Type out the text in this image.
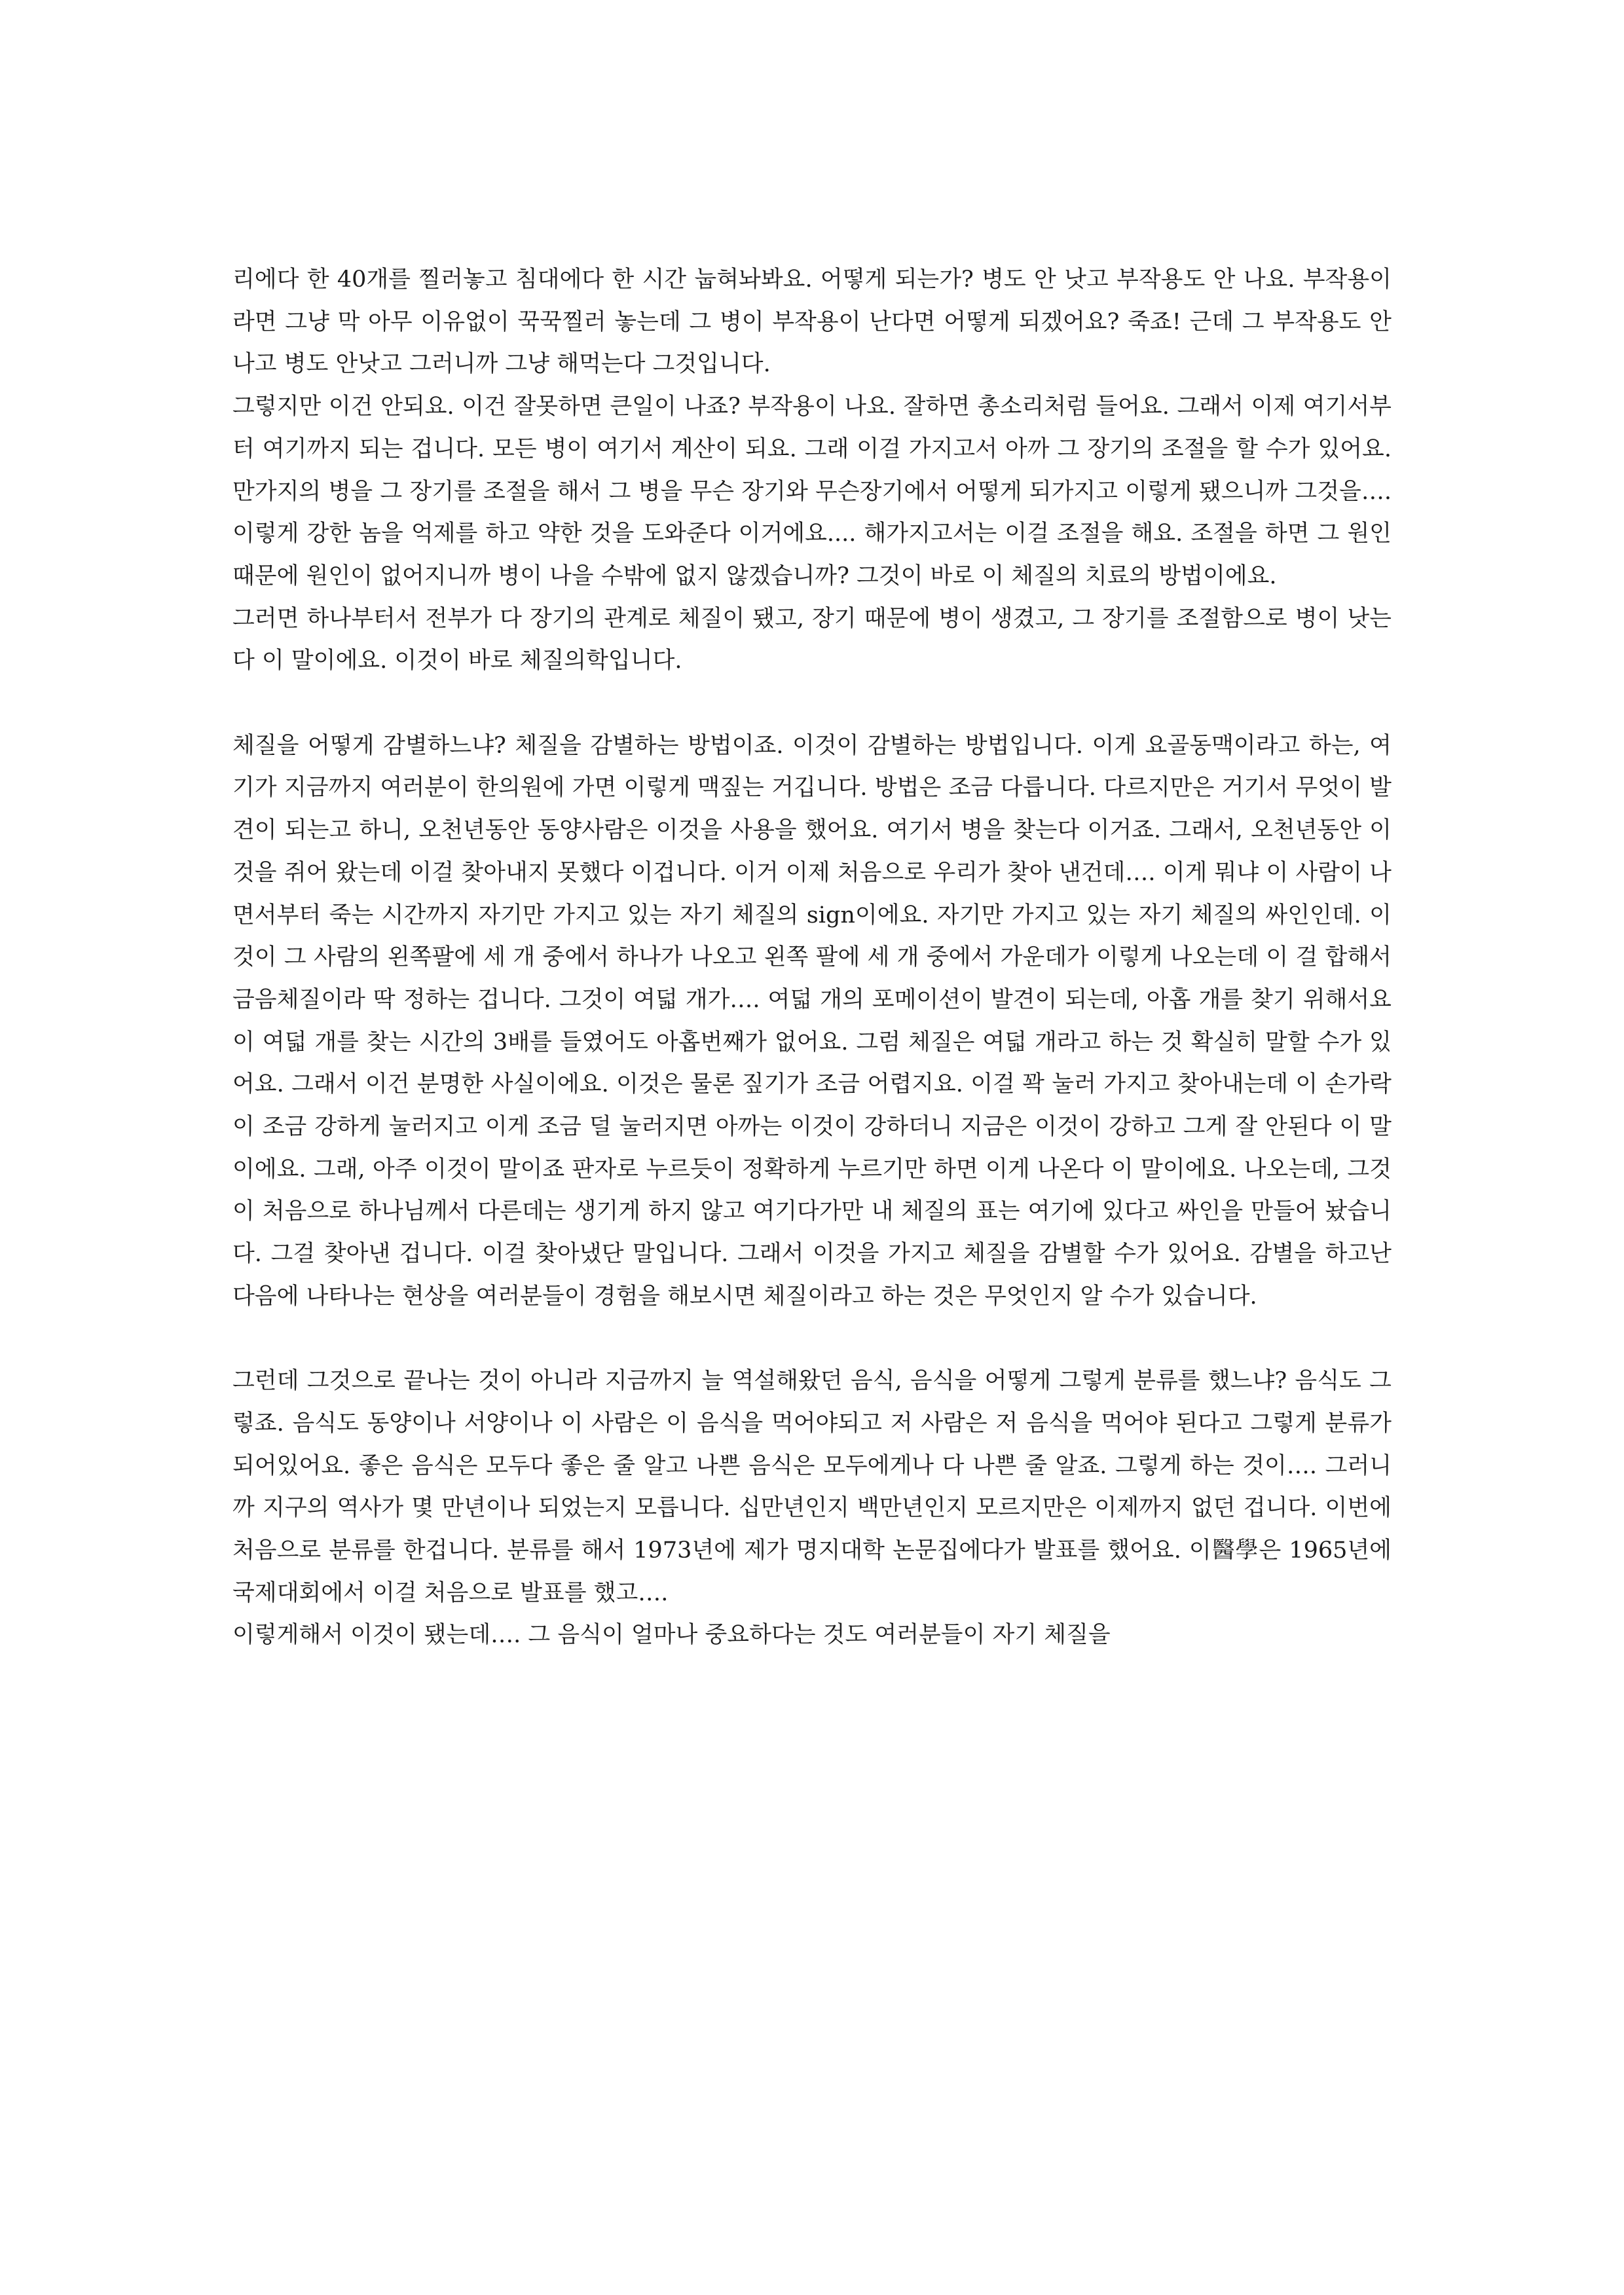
리에다 한 40개를 찔러놓고 침대에다 한 시간 눕혀놔봐요. 어떻게 되는가? 병도 안 낫고 부작용도 안 나요. 부작용이라면 그냥 막 아무 이유없이 꾹꾹찔러 놓는데 그 병이 부작용이 난다면 어떻게 되겠어요? 죽죠! 근데 그 부작용도 안나고 병도 안낫고 그러니까 그냥 해먹는다 그것입니다.

그렇지만 이건 안되요. 이건 잘못하면 큰일이 나죠? 부작용이 나요. 잘하면 총소리처럼 들어요. 그래서 이제 여기서부터 여기까지 되는 겁니다. 모든 병이 여기서 계산이 되요. 그래 이걸 가지고서 아까 그 장기의 조절을 할 수가 있어요. 만가지의 병을 그 장기를 조절을 해서 그 병을 무슨 장기와 무슨장기에서 어떻게 되가지고 이렇게 됐으니까 그것을…. 이렇게 강한 놈을 억제를 하고 약한 것을 도와준다 이거에요.... 해가지고서는 이걸 조절을 해요. 조절을 하면 그 원인 때문에 원인이 없어지니까 병이 나을 수밖에 없지 않겠습니까? 그것이 바로 이 체질의 치료의 방법이에요.

그러면 하나부터서 전부가 다 장기의 관계로 체질이 됐고, 장기 때문에 병이 생겼고, 그 장기를 조절함으로 병이 낫는다 이 말이에요. 이것이 바로 체질의학입니다.

체질을 어떻게 감별하느냐? 체질을 감별하는 방법이죠. 이것이 감별하는 방법입니다. 이게 요골동맥이라고 하는, 여기가 지금까지 여러분이 한의원에 가면 이렇게 맥짚는 거깁니다. 방법은 조금 다릅니다. 다르지만은 거기서 무엇이 발견이 되는고 하니, 오천년동안 동양사람은 이것을 사용을 했어요. 여기서 병을 찾는다 이거죠. 그래서, 오천년동안 이것을 쥐어 왔는데 이걸 찾아내지 못했다 이겁니다. 이거 이제 처음으로 우리가 찾아 낸건데…. 이게 뭐냐 이 사람이 나면서부터 죽는 시간까지 자기만 가지고 있는 자기 체질의 sign이에요. 자기만 가지고 있는 자기 체질의 싸인인데. 이것이 그 사람의 왼쪽팔에 세 개 중에서 하나가 나오고 왼쪽 팔에 세 개 중에서 가운데가 이렇게 나오는데 이 걸 합해서 금음체질이라 딱 정하는 겁니다. 그것이 여덟 개가…. 여덟 개의 포메이션이 발견이 되는데, 아홉 개를 찾기 위해서요 이 여덟 개를 찾는 시간의 3배를 들였어도 아홉번째가 없어요. 그럼 체질은 여덟 개라고 하는 것 확실히 말할 수가 있어요. 그래서 이건 분명한 사실이에요. 이것은 물론 짚기가 조금 어렵지요. 이걸 꽉 눌러 가지고 찾아내는데 이 손가락이 조금 강하게 눌러지고 이게 조금 덜 눌러지면 아까는 이것이 강하더니 지금은 이것이 강하고 그게 잘 안된다 이 말이에요. 그래, 아주 이것이 말이죠 판자로 누르듯이 정확하게 누르기만 하면 이게 나온다 이 말이에요. 나오는데, 그것이 처음으로 하나님께서 다른데는 생기게 하지 않고 여기다가만 내 체질의 표는 여기에 있다고 싸인을 만들어 놨습니다. 그걸 찾아낸 겁니다. 이걸 찾아냈단 말입니다. 그래서 이것을 가지고 체질을 감별할 수가 있어요. 감별을 하고난 다음에 나타나는 현상을 여러분들이 경험을 해보시면 체질이라고 하는 것은 무엇인지 알 수가 있습니다.

그런데 그것으로 끝나는 것이 아니라 지금까지 늘 역설해왔던 음식, 음식을 어떻게 그렇게 분류를 했느냐? 음식도 그렇죠. 음식도 동양이나 서양이나 이 사람은 이 음식을 먹어야되고 저 사람은 저 음식을 먹어야 된다고 그렇게 분류가 되어있어요. 좋은 음식은 모두다 좋은 줄 알고 나쁜 음식은 모두에게나 다 나쁜 줄 알죠. 그렇게 하는 것이…. 그러니까 지구의 역사가 몇 만년이나 되었는지 모릅니다. 십만년인지 백만년인지 모르지만은 이제까지 없던 겁니다. 이번에 처음으로 분류를 한겁니다. 분류를 해서 1973년에 제가 명지대학 논문집에다가 발표를 했어요. 이醫學은 1965년에 국제대회에서 이걸 처음으로 발표를 했고….

이렇게해서 이것이 됐는데…. 그 음식이 얼마나 중요하다는 것도 여러분들이 자기 체질을
